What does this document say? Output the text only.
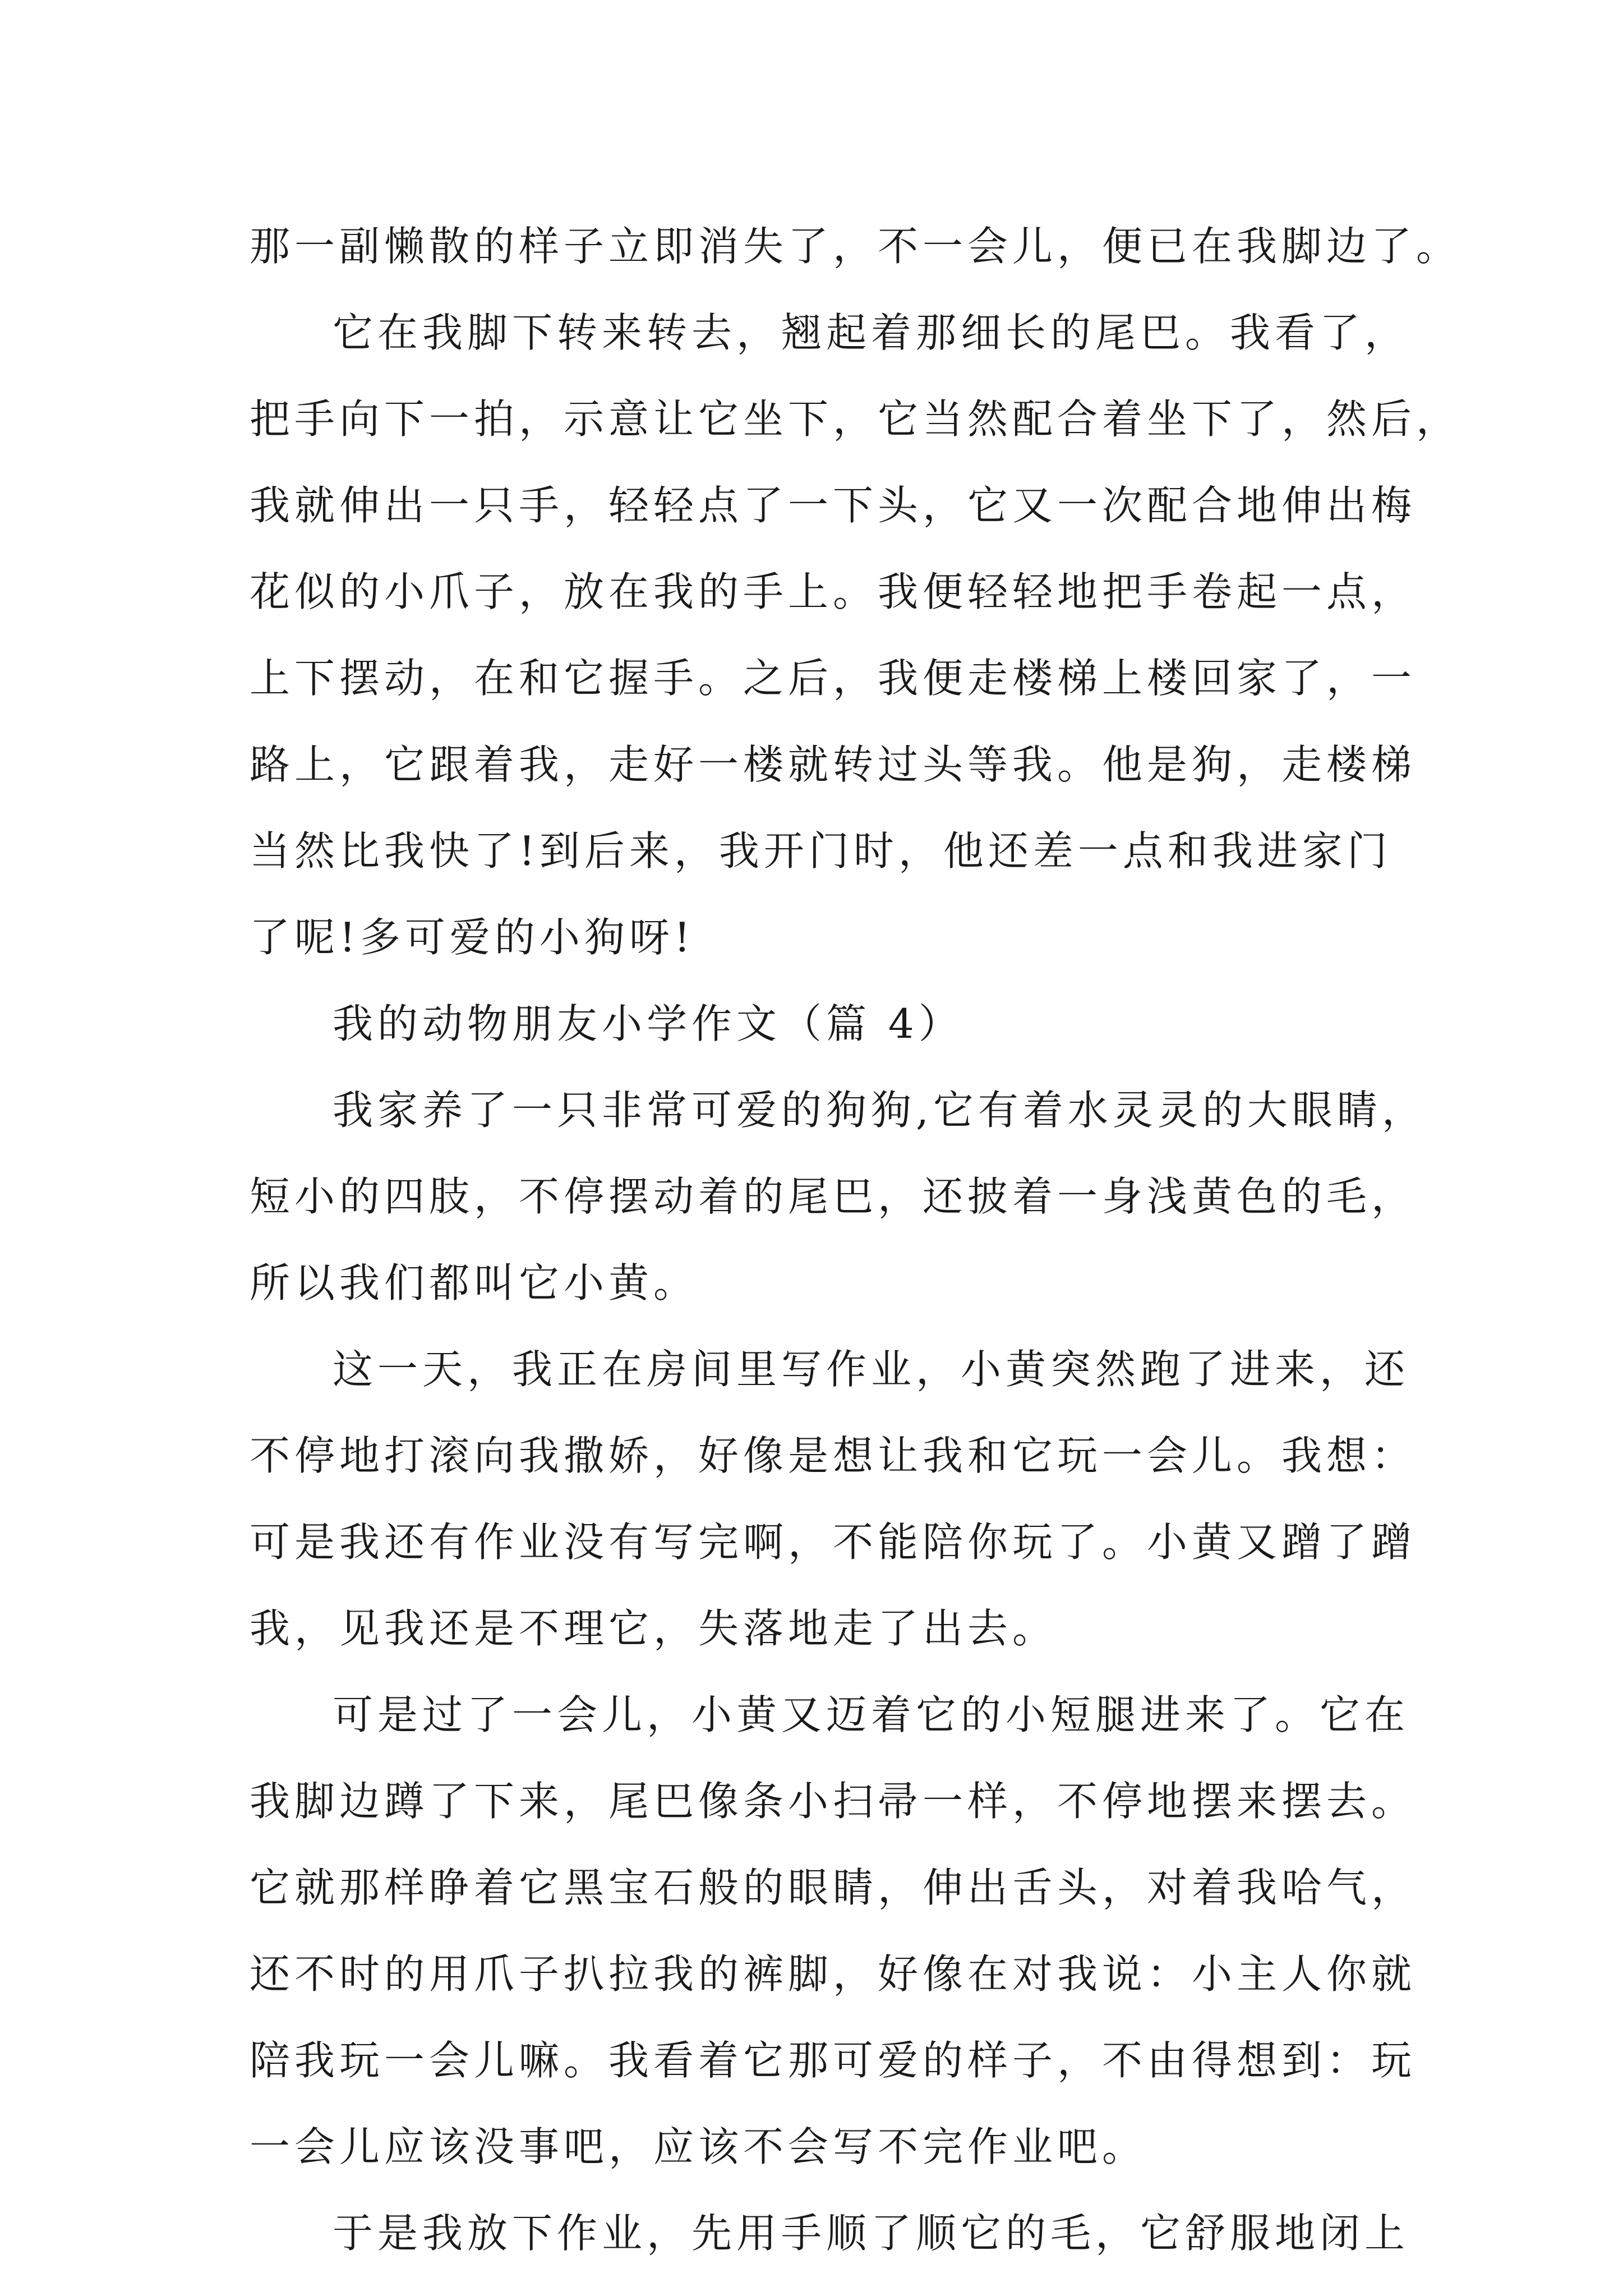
那一副懒散的样子立即消失了，不一会儿，便已在我脚边了。
它在我脚下转来转去，翘起着那细长的尾巴。我看了，
把手向下一拍，示意让它坐下，它当然配合着坐下了，然后，
我就伸出一只手，轻轻点了一下头，它又一次配合地伸出梅
花似的小爪子，放在我的手上。我便轻轻地把手卷起一点，
上下摆动，在和它握手。之后，我便走楼梯上楼回家了，一
路上，它跟着我，走好一楼就转过头等我。他是狗，走楼梯
当然比我快了!到后来，我开门时，他还差一点和我进家门
了呢!多可爱的小狗呀!
我的动物朋友小学作文（篇 4）
我家养了一只非常可爱的狗狗,它有着水灵灵的大眼睛，
短小的四肢，不停摆动着的尾巴，还披着一身浅黄色的毛，
所以我们都叫它小黄。
这一天，我正在房间里写作业，小黄突然跑了进来，还
不停地打滚向我撒娇，好像是想让我和它玩一会儿。我想：
可是我还有作业没有写完啊，不能陪你玩了。小黄又蹭了蹭
我，见我还是不理它，失落地走了出去。
可是过了一会儿，小黄又迈着它的小短腿进来了。它在
我脚边蹲了下来，尾巴像条小扫帚一样，不停地摆来摆去。
它就那样睁着它黑宝石般的眼睛，伸出舌头，对着我哈气，
还不时的用爪子扒拉我的裤脚，好像在对我说：小主人你就
陪我玩一会儿嘛。我看着它那可爱的样子，不由得想到：玩
一会儿应该没事吧，应该不会写不完作业吧。
于是我放下作业，先用手顺了顺它的毛，它舒服地闭上
